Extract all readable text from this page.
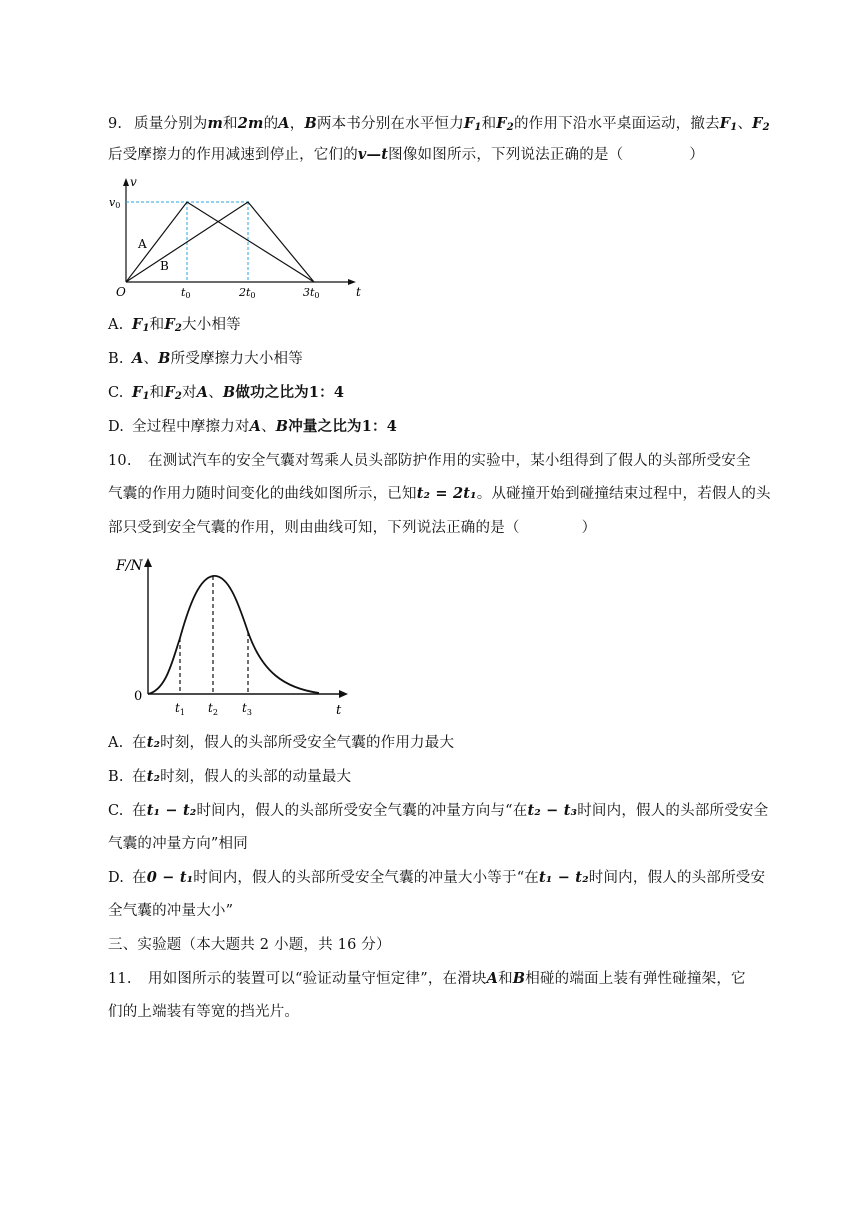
9. 质量分别为m和2m的A，B两本书分别在水平恒力$F_1$和$F_2$的作用下沿水平桌面运动，撤去$F_1$、$F_2$
后受摩擦力的作用减速到停止，它们的v—t图像如图所示，下列说法正确的是（	）
v
t
v0
O	t0	2t0	3t0
A
B
A. $F_1$和$F_2$大小相等
B. A、B所受摩擦力大小相等
C. $F_1$和$F_2$对A、B做功之比为1：4
D. 全过程中摩擦力对A、B冲量之比为1：4
10. 在测试汽车的安全气囊对驾乘人员头部防护作用的实验中，某小组得到了假人的头部所受安全
气囊的作用力随时间变化的曲线如图所示，已知t₂ = 2t₁。从碰撞开始到碰撞结束过程中，若假人的头
部只受到安全气囊的作用，则由曲线可知，下列说法正确的是（	）
F/N
t
0
$t_1$ $t_2$ $t_3$
A. 在t₂时刻，假人的头部所受安全气囊的作用力最大
B. 在t₂时刻，假人的头部的动量最大
C. 在t₁ − t₂时间内，假人的头部所受安全气囊的冲量方向与“在t₂ − t₃时间内，假人的头部所受安全
气囊的冲量方向”相同
D. 在0 − t₁时间内，假人的头部所受安全气囊的冲量大小等于“在t₁ − t₂时间内，假人的头部所受安
全气囊的冲量大小”
三、实验题（本大题共 2 小题，共 16 分）
11. 用如图所示的装置可以“验证动量守恒定律”，在滑块A和B相碰的端面上装有弹性碰撞架，它
们的上端装有等宽的挡光片。
